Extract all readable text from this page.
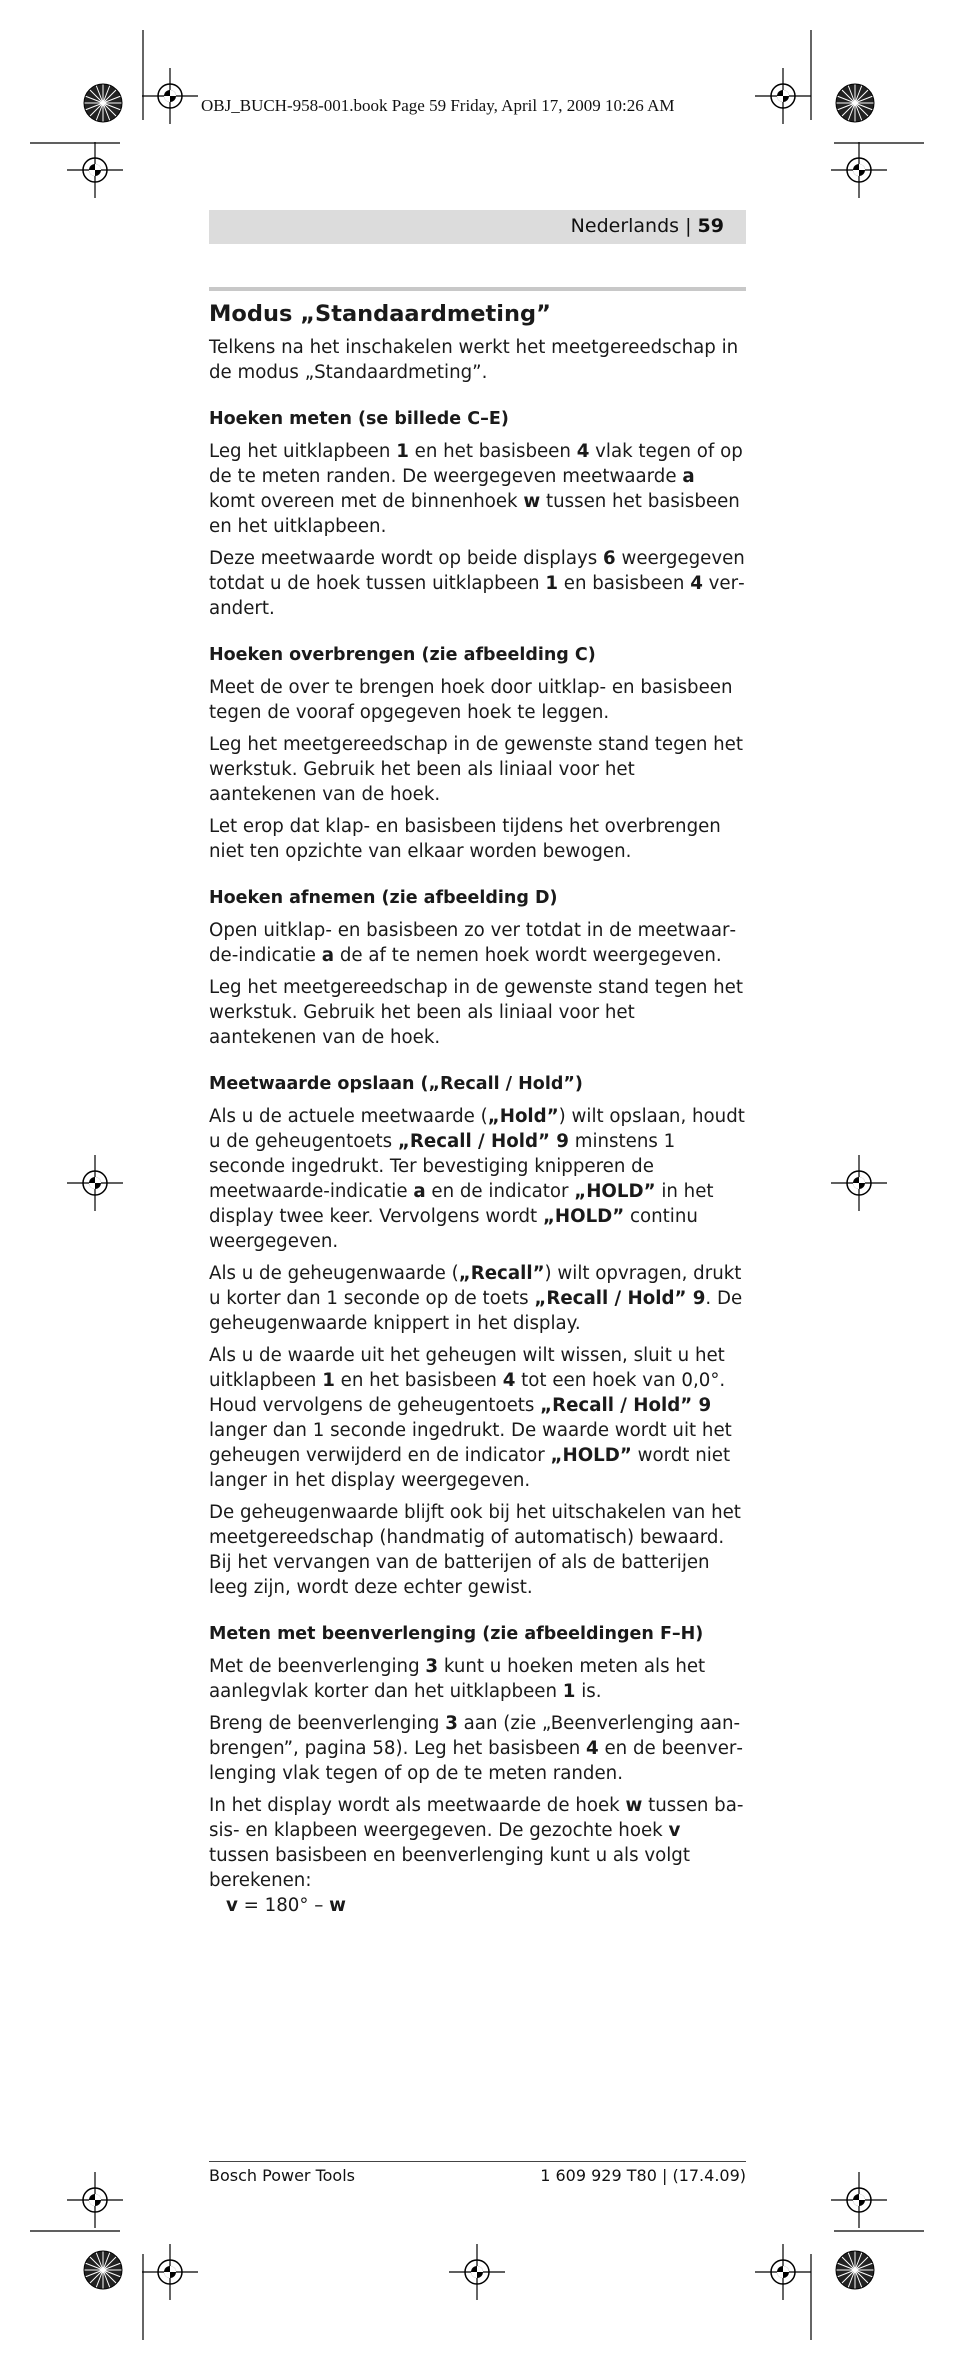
OBJ_BUCH-958-001.book Page 59 Friday, April 17, 2009 10:26 AM
Nederlands | 59
Modus „Standaardmeting”

Telkens na het inschakelen werkt het meetgereedschap in de modus „Standaardmeting”.

Hoeken meten (se billede C–E)

Leg het uitklapbeen 1 en het basisbeen 4 vlak tegen of op de te meten randen. De weergegeven meetwaarde a komt overeen met de binnenhoek w tussen het basisbeen en het uitklapbeen.

Deze meetwaarde wordt op beide displays 6 weergegeven totdat u de hoek tussen uitklapbeen 1 en basisbeen 4 verandert.

Hoeken overbrengen (zie afbeelding C)

Meet de over te brengen hoek door uitklap- en basisbeen tegen de vooraf opgegeven hoek te leggen.

Leg het meetgereedschap in de gewenste stand tegen het werkstuk. Gebruik het been als liniaal voor het aantekenen van de hoek.

Let erop dat klap- en basisbeen tijdens het overbrengen niet ten opzichte van elkaar worden bewogen.

Hoeken afnemen (zie afbeelding D)

Open uitklap- en basisbeen zo ver totdat in de meetwaarde-indicatie a de af te nemen hoek wordt weergegeven.

Leg het meetgereedschap in de gewenste stand tegen het werkstuk. Gebruik het been als liniaal voor het aantekenen van de hoek.

Meetwaarde opslaan („Recall / Hold”)

Als u de actuele meetwaarde („Hold”) wilt opslaan, houdt u de geheugentoets „Recall / Hold” 9 minstens 1 seconde ingedrukt. Ter bevestiging knipperen de meetwaarde-indicatie a en de indicator „HOLD” in het display twee keer. Vervolgens wordt „HOLD” continu weergegeven.

Als u de geheugenwaarde („Recall”) wilt opvragen, drukt u korter dan 1 seconde op de toets „Recall / Hold” 9. De geheugenwaarde knippert in het display.

Als u de waarde uit het geheugen wilt wissen, sluit u het uitklapbeen 1 en het basisbeen 4 tot een hoek van 0,0°. Houd vervolgens de geheugentoets „Recall / Hold” 9 langer dan 1 seconde ingedrukt. De waarde wordt uit het geheugen verwijderd en de indicator „HOLD” wordt niet langer in het display weergegeven.

De geheugenwaarde blijft ook bij het uitschakelen van het meetgereedschap (handmatig of automatisch) bewaard. Bij het vervangen van de batterijen of als de batterijen leeg zijn, wordt deze echter gewist.

Meten met beenverlenging (zie afbeeldingen F–H)

Met de beenverlenging 3 kunt u hoeken meten als het aanlegvlak korter dan het uitklapbeen 1 is.

Breng de beenverlenging 3 aan (zie „Beenverlenging aanbrengen”, pagina 58). Leg het basisbeen 4 en de beenverlenging vlak tegen of op de te meten randen.

In het display wordt als meetwaarde de hoek w tussen basis- en klapbeen weergegeven. De gezochte hoek v tussen basisbeen en beenverlenging kunt u als volgt berekenen:

v = 180° – w

Bosch Power Tools	1 609 929 T80 | (17.4.09)
